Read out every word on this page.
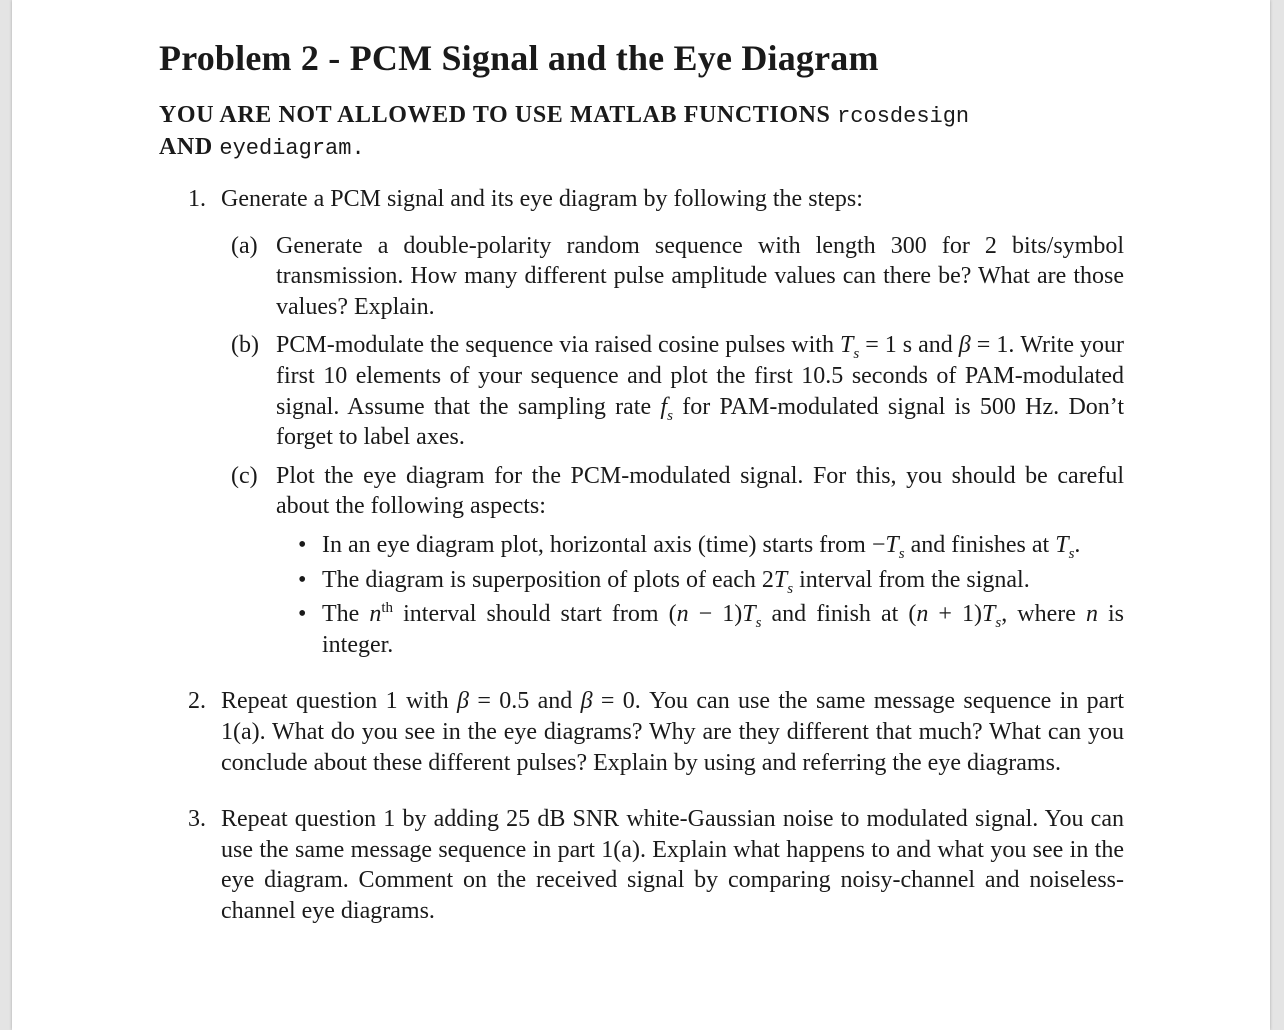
Problem 2 - PCM Signal and the Eye Diagram
YOU ARE NOT ALLOWED TO USE MATLAB FUNCTIONS rcosdesign
AND eyediagram.
1. Generate a PCM signal and its eye diagram by following the steps:
(a) Generate a double-polarity random sequence with length 300 for 2 bits/symbol transmission. How many different pulse amplitude values can there be? What are those values? Explain.
(b) PCM-modulate the sequence via raised cosine pulses with $T_s = 1$ s and β = 1. Write your first 10 elements of your sequence and plot the first 10.5 seconds of PAM-modulated signal. Assume that the sampling rate $f_s$ for PAM-modulated signal is 500 Hz. Don’t forget to label axes.
(c) Plot the eye diagram for the PCM-modulated signal. For this, you should be careful about the following aspects:
• In an eye diagram plot, horizontal axis (time) starts from $-T_s$ and finishes at $T_s$.
• The diagram is superposition of plots of each $2T_s$ interval from the signal.
• The $n^{th}$ interval should start from $(n - 1)T_s$ and finish at $(n + 1)T_s$, where n is integer.
2. Repeat question 1 with β = 0.5 and β = 0. You can use the same message sequence in part 1(a). What do you see in the eye diagrams? Why are they different that much? What can you conclude about these different pulses? Explain by using and referring the eye diagrams.
3. Repeat question 1 by adding 25 dB SNR white-Gaussian noise to modulated signal. You can use the same message sequence in part 1(a). Explain what happens to and what you see in the eye diagram. Comment on the received signal by comparing noisy-channel and noiseless-channel eye diagrams.
